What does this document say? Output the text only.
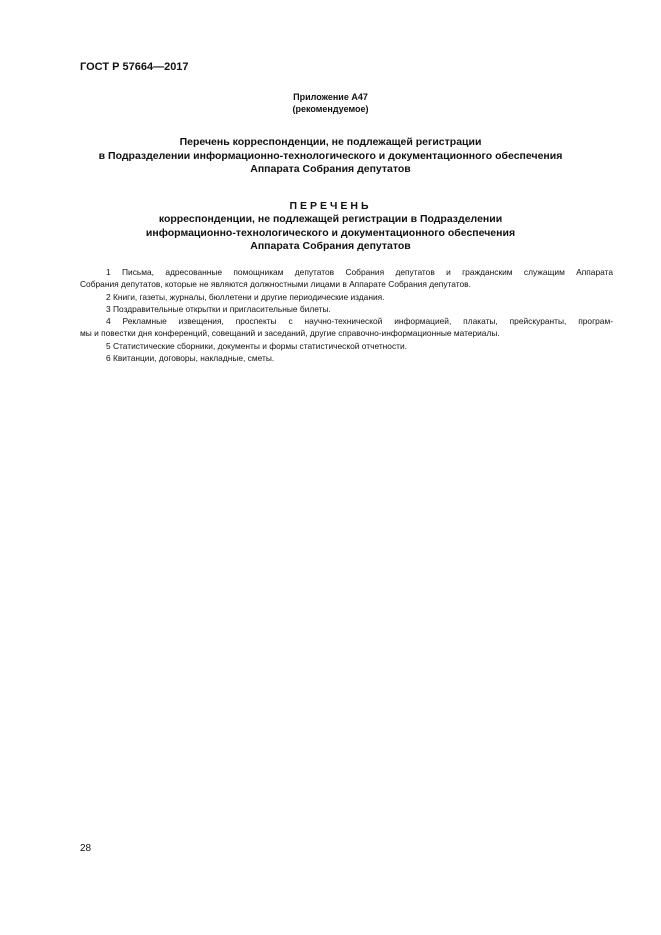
ГОСТ Р 57664—2017
Приложение А47
(рекомендуемое)
Перечень корреспонденции, не подлежащей регистрации
в Подразделении информационно-технологического и документационного обеспечения
Аппарата Собрания депутатов
ПЕРЕЧЕНЬ
корреспонденции, не подлежащей регистрации в Подразделении
информационно-технологического и документационного обеспечения
Аппарата Собрания депутатов
1 Письма, адресованные помощникам депутатов Собрания депутатов и гражданским служащим Аппарата
Собрания депутатов, которые не являются должностными лицами в Аппарате Собрания депутатов.
2 Книги, газеты, журналы, бюллетени и другие периодические издания.
3 Поздравительные открытки и пригласительные билеты.
4 Рекламные извещения, проспекты с научно-технической информацией, плакаты, прейскуранты, програм-
мы и повестки дня конференций, совещаний и заседаний, другие справочно-информационные материалы.
5 Статистические сборники, документы и формы статистической отчетности.
6 Квитанции, договоры, накладные, сметы.
28
